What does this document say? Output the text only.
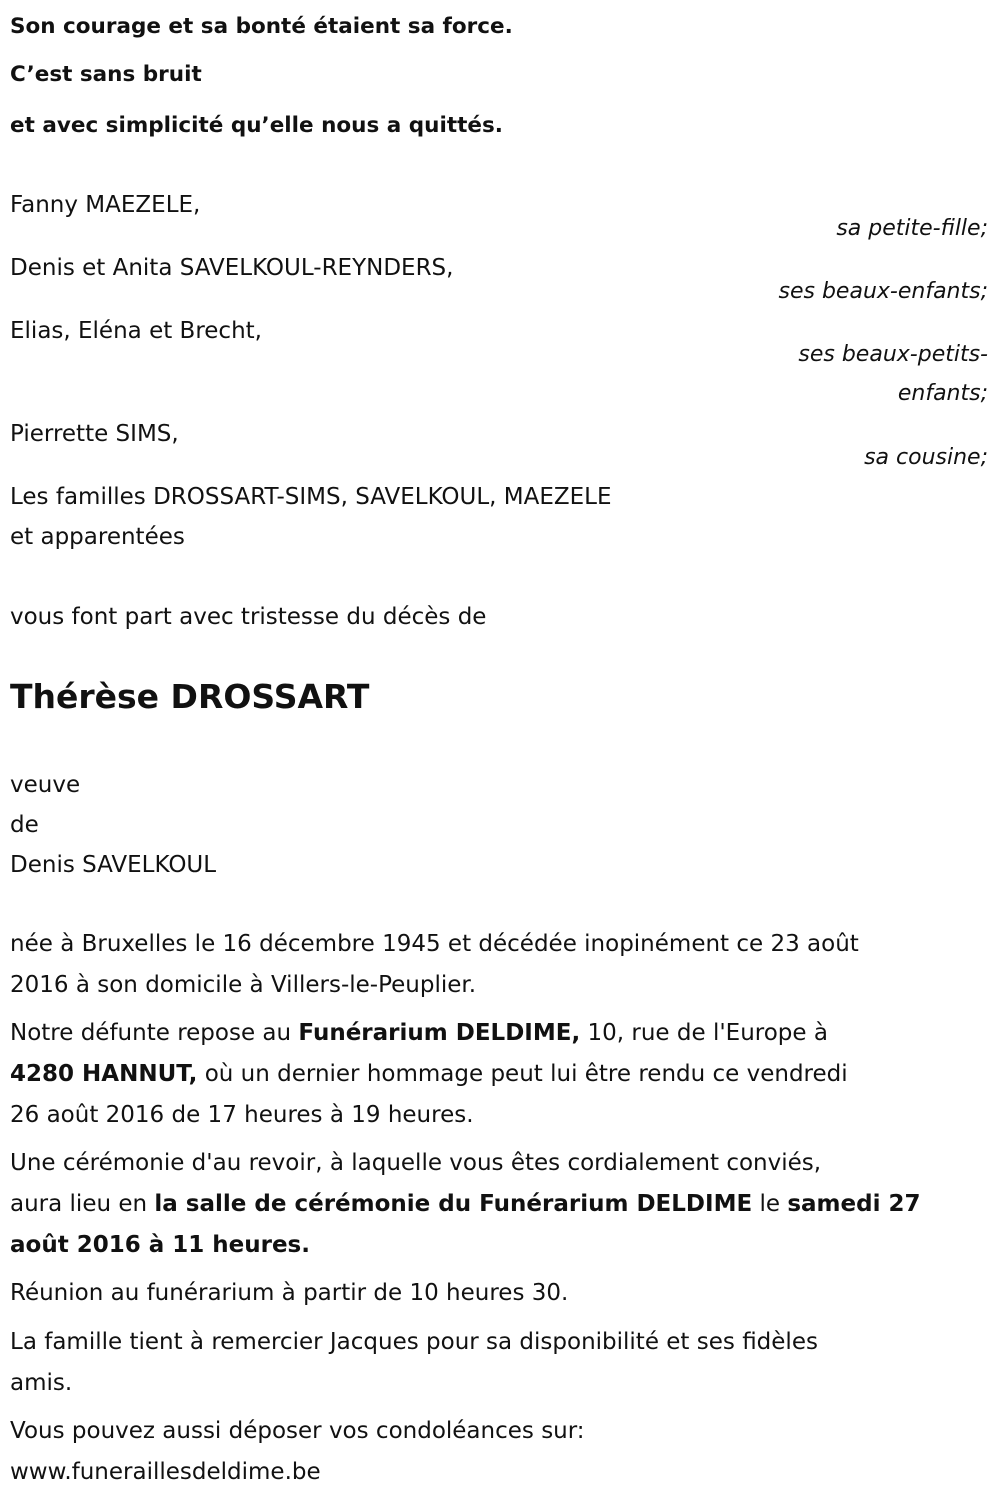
Son courage et sa bonté étaient sa force.
C’est sans bruit
et avec simplicité qu’elle nous a quittés.
Fanny MAEZELE,
sa petite-fille;
Denis et Anita SAVELKOUL-REYNDERS,
ses beaux-enfants;
Elias, Eléna et Brecht,
ses beaux-petits-
enfants;
Pierrette SIMS,
sa cousine;
Les familles DROSSART-SIMS, SAVELKOUL, MAEZELE
et apparentées
vous font part avec tristesse du décès de
Thérèse DROSSART
veuve
de
Denis SAVELKOUL
née à Bruxelles le 16 décembre 1945 et décédée inopinément ce 23 août
2016 à son domicile à Villers-le-Peuplier.
Notre défunte repose au Funérarium DELDIME, 10, rue de l'Europe à
4280 HANNUT, où un dernier hommage peut lui être rendu ce vendredi
26 août 2016 de 17 heures à 19 heures.
Une cérémonie d'au revoir, à laquelle vous êtes cordialement conviés,
aura lieu en la salle de cérémonie du Funérarium DELDIME le samedi 27
août 2016 à 11 heures.
Réunion au funérarium à partir de 10 heures 30.
La famille tient à remercier Jacques pour sa disponibilité et ses fidèles
amis.
Vous pouvez aussi déposer vos condoléances sur:
www.funeraillesdeldime.be
